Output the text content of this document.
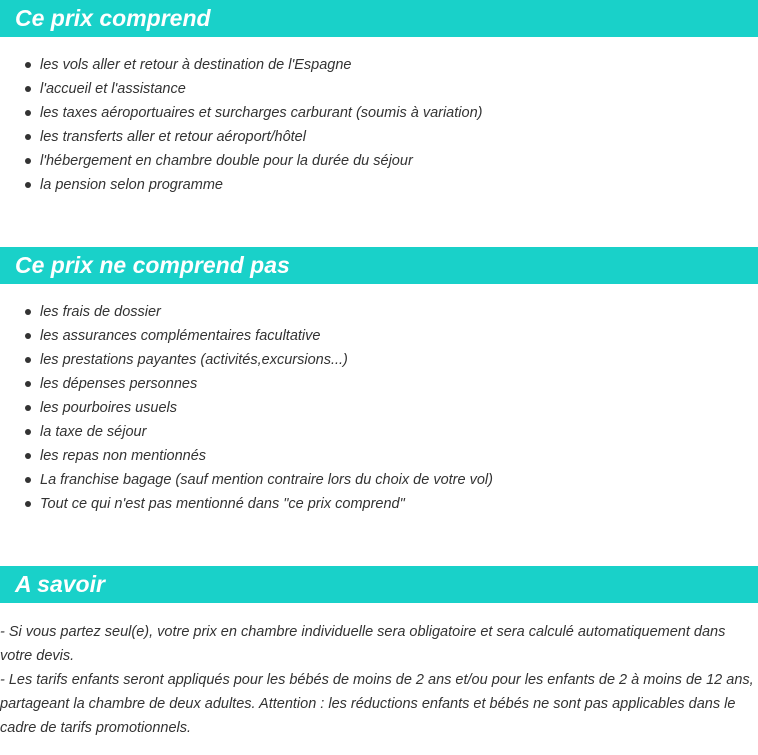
Ce prix comprend
les vols aller et retour à destination de l'Espagne
l'accueil et l'assistance
les taxes aéroportuaires et surcharges carburant (soumis à variation)
les transferts aller et retour aéroport/hôtel
l'hébergement en chambre double pour la durée du séjour
la pension selon programme
Ce prix ne comprend pas
les frais de dossier
les assurances complémentaires facultative
les prestations payantes (activités,excursions...)
les dépenses personnes
les pourboires usuels
la taxe de séjour
les repas non mentionnés
La franchise bagage (sauf mention contraire lors du choix de votre vol)
Tout ce qui n'est pas mentionné dans "ce prix comprend"
A savoir

- Si vous partez seul(e), votre prix en chambre individuelle sera obligatoire et sera calculé automatiquement dans votre devis.

- Les tarifs enfants seront appliqués pour les bébés de moins de 2 ans et/ou pour les enfants de 2 à moins de 12 ans, partageant la chambre de deux adultes. Attention : les réductions enfants et bébés ne sont pas applicables dans le cadre de tarifs promotionnels.
